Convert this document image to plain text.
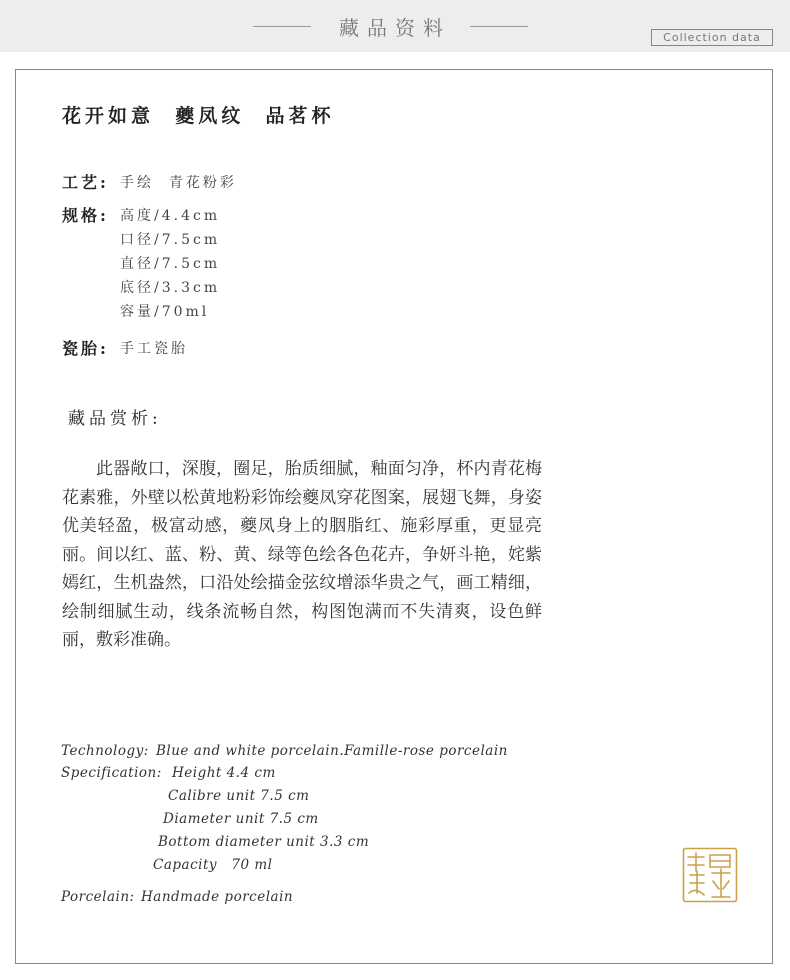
藏品资料	Collection data
花开如意  夔凤纹  品茗杯
工艺: 手绘  青花粉彩
规格: 高度/4.4cm
口径/7.5cm
直径/7.5cm
底径/3.3cm
容量/70ml
瓷胎: 手工瓷胎
藏品赏析:

此器敞口，深腹，圈足，胎质细腻，釉面匀净，杯内青花梅花素雅，外壁以松黄地粉彩饰绘夔凤穿花图案，展翅飞舞，身姿优美轻盈，极富动感，夔凤身上的胭脂红、施彩厚重，更显亮丽。间以红、蓝、粉、黄、绿等色绘各色花卉，争妍斗艳，姹紫嫣红，生机盎然，口沿处绘描金弦纹增添华贵之气，画工精细，绘制细腻生动，线条流畅自然，构图饱满而不失清爽，设色鲜丽，敷彩准确。

Technology: Blue and white porcelain.Famille-rose porcelain
Specification: Height 4.4 cm
Calibre unit 7.5 cm
Diameter unit 7.5 cm
Bottom diameter unit 3.3 cm
Capacity   70 ml
Porcelain: Handmade porcelain
